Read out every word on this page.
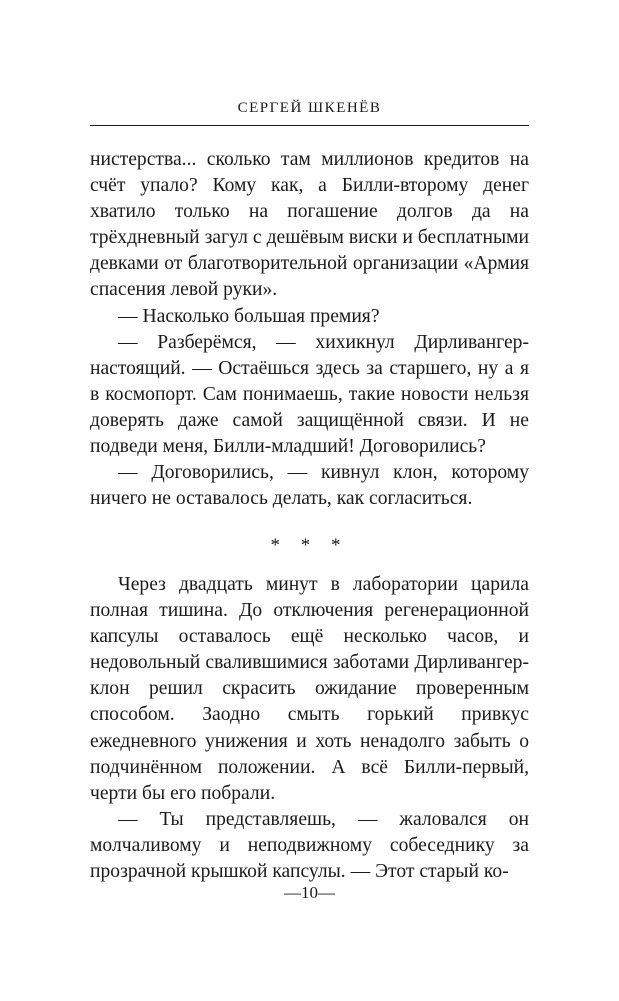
СЕРГЕЙ ШКЕНЁВ

нистерства... сколько там миллионов кредитов на счёт упало? Кому как, а Билли-второму денег хватило только на погашение долгов да на трёхдневный загул с дешёвым виски и бесплатными девками от благотворительной организации «Армия спасения левой руки».

— Насколько большая премия?

— Разберёмся, — хихикнул Дирливангер-настоящий. — Остаёшься здесь за старшего, ну а я в космопорт. Сам понимаешь, такие новости нельзя доверять даже самой защищённой связи. И не подведи меня, Билли-младший! Договорились?

— Договорились, — кивнул клон, которому ничего не оставалось делать, как согласиться.

* * *

Через двадцать минут в лаборатории царила полная тишина. До отключения регенерационной капсулы оставалось ещё несколько часов, и недовольный свалившимися заботами Дирливангер-клон решил скрасить ожидание проверенным способом. Заодно смыть горький привкус ежедневного унижения и хоть ненадолго забыть о подчинённом положении. А всё Билли-первый, черти бы его побрали.

— Ты представляешь, — жаловался он молчаливому и неподвижному собеседнику за прозрачной крышкой капсулы. — Этот старый ко-

—10—
